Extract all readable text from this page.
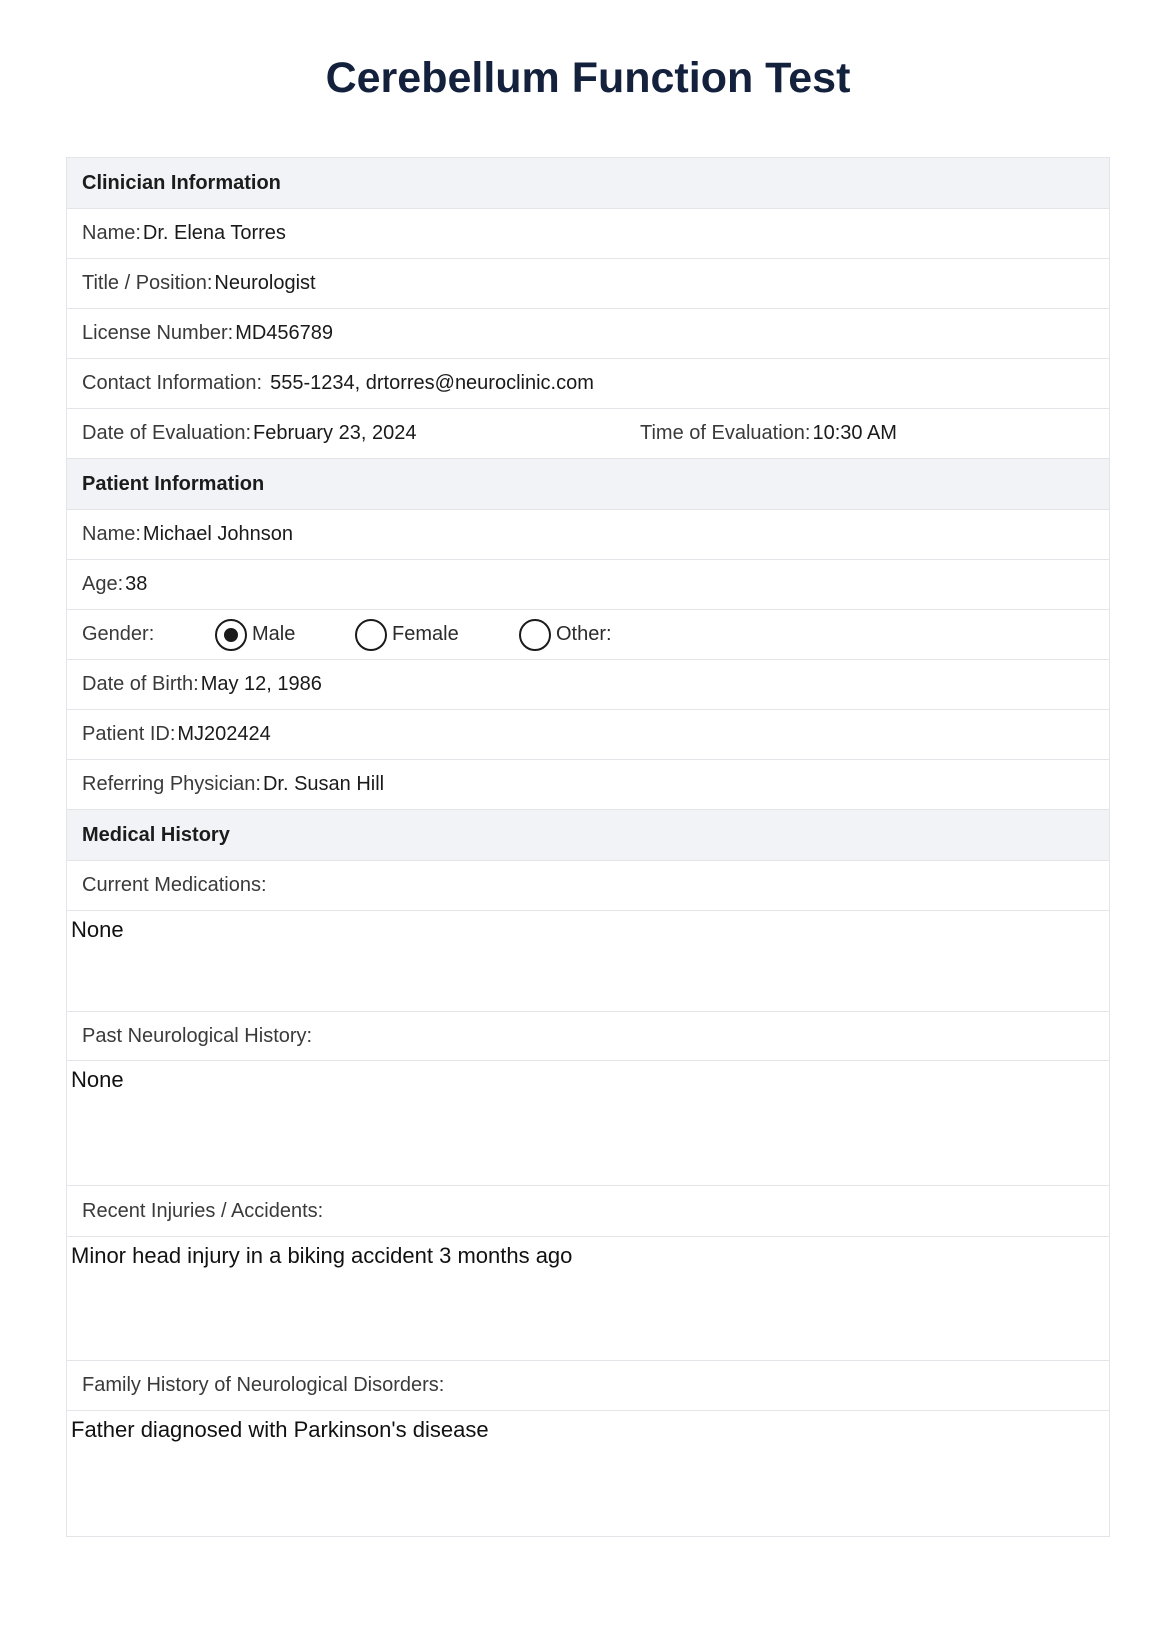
Cerebellum Function Test
Clinician Information
Name: Dr. Elena Torres
Title / Position: Neurologist
License Number: MD456789
Contact Information: 555-1234, drtorres@neuroclinic.com
Date of Evaluation: February 23, 2024	Time of Evaluation: 10:30 AM
Patient Information
Name: Michael Johnson
Age: 38
Gender:	Male	Female	Other:
Date of Birth: May 12, 1986
Patient ID: MJ202424
Referring Physician: Dr. Susan Hill
Medical History
Current Medications:
None
Past Neurological History:
None
Recent Injuries / Accidents:
Minor head injury in a biking accident 3 months ago
Family History of Neurological Disorders:
Father diagnosed with Parkinson's disease
